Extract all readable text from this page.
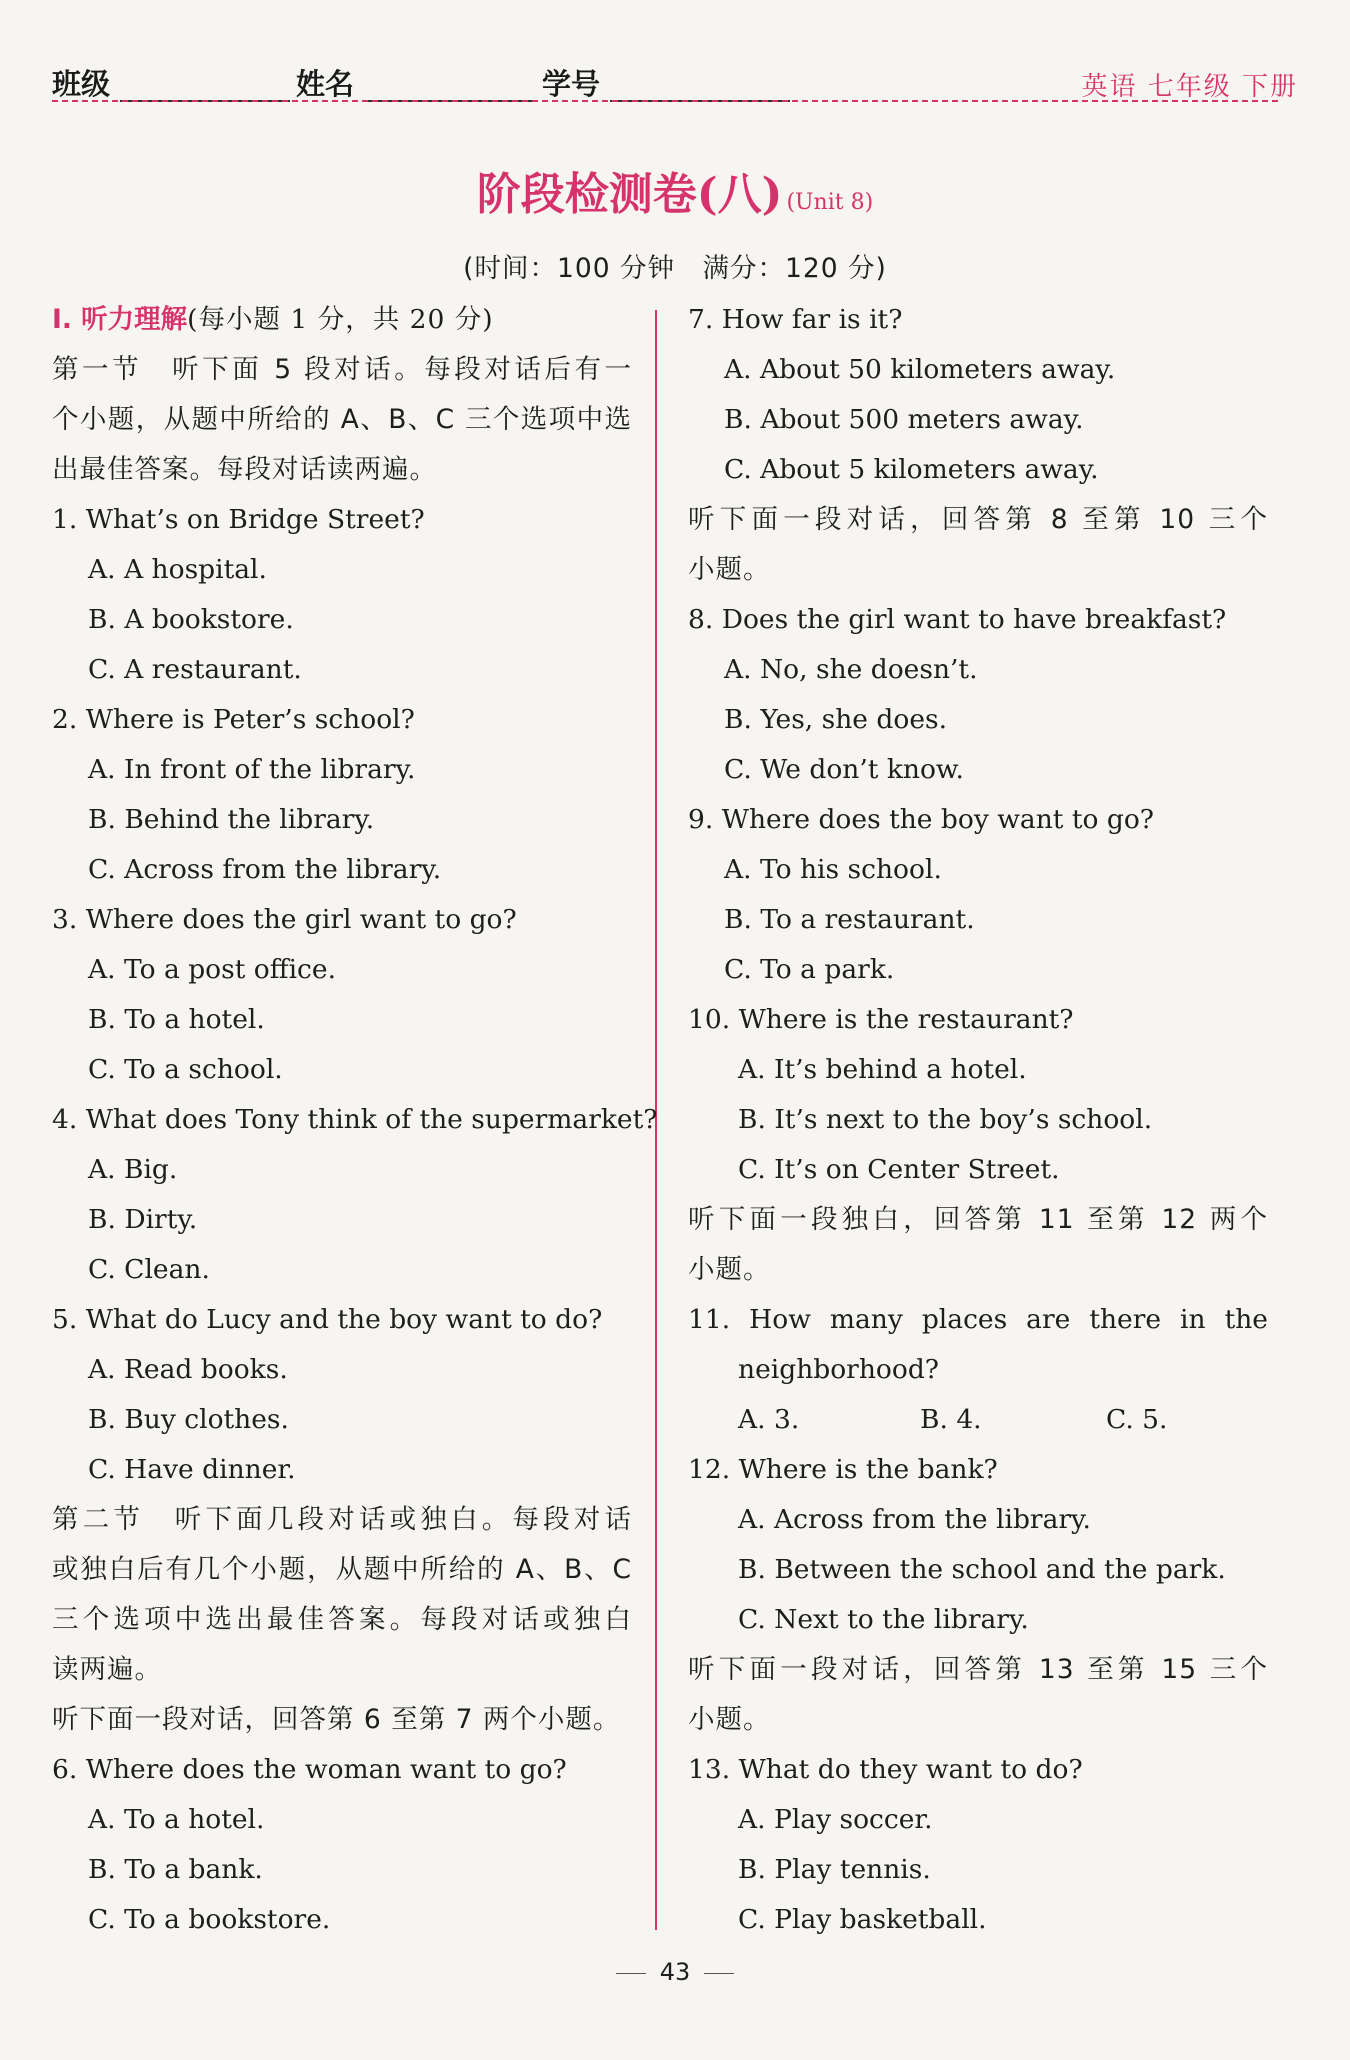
班级	姓名	学号	英语 七年级 下册
阶段检测卷(八) (Unit 8)
(时间：100 分钟　满分：120 分)
Ⅰ. 听力理解(每小题 1 分，共 20 分)
第一节　听下面 5 段对话。每段对话后有一
个小题，从题中所给的 A、B、C 三个选项中选
出最佳答案。每段对话读两遍。
1. What’s on Bridge Street?
A. A hospital.
B. A bookstore.
C. A restaurant.
2. Where is Peter’s school?
A. In front of the library.
B. Behind the library.
C. Across from the library.
3. Where does the girl want to go?
A. To a post office.
B. To a hotel.
C. To a school.
4. What does Tony think of the supermarket?
A. Big.
B. Dirty.
C. Clean.
5. What do Lucy and the boy want to do?
A. Read books.
B. Buy clothes.
C. Have dinner.
第二节　听下面几段对话或独白。每段对话
或独白后有几个小题，从题中所给的 A、B、C
三个选项中选出最佳答案。每段对话或独白
读两遍。
听下面一段对话，回答第 6 至第 7 两个小题。
6. Where does the woman want to go?
A. To a hotel.
B. To a bank.
C. To a bookstore.
7. How far is it?
A. About 50 kilometers away.
B. About 500 meters away.
C. About 5 kilometers away.
听下面一段对话，回答第 8 至第 10 三个
小题。
8. Does the girl want to have breakfast?
A. No, she doesn’t.
B. Yes, she does.
C. We don’t know.
9. Where does the boy want to go?
A. To his school.
B. To a restaurant.
C. To a park.
10. Where is the restaurant?
A. It’s behind a hotel.
B. It’s next to the boy’s school.
C. It’s on Center Street.
听下面一段独白，回答第 11 至第 12 两个
小题。
11. How many places are there in the
neighborhood?
A. 3.	B. 4.	C. 5.
12. Where is the bank?
A. Across from the library.
B. Between the school and the park.
C. Next to the library.
听下面一段对话，回答第 13 至第 15 三个
小题。
13. What do they want to do?
A. Play soccer.
B. Play tennis.
C. Play basketball.
43
